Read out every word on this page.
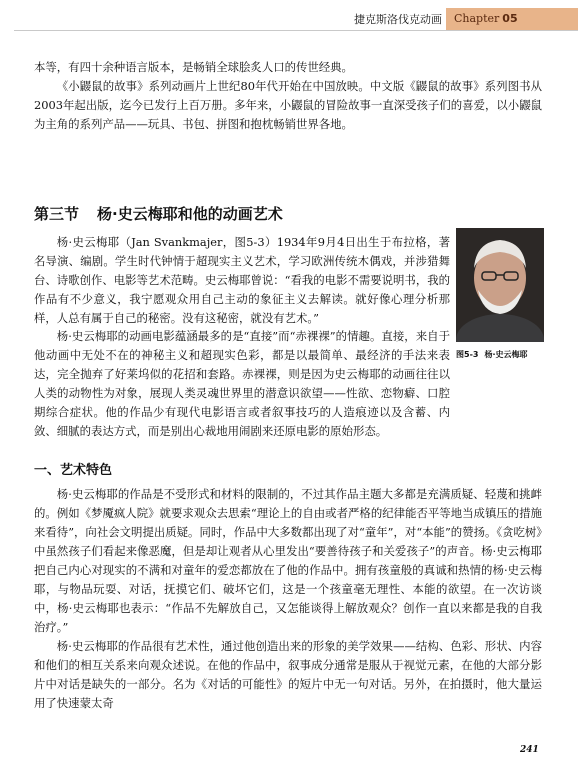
捷克斯洛伐克动画	Chapter 05

本等，有四十余种语言版本，是畅销全球脍炙人口的传世经典。

《小鼹鼠的故事》系列动画片上世纪80年代开始在中国放映。中文版《鼹鼠的故事》系列图书从2003年起出版，迄今已发行上百万册。多年来，小鼹鼠的冒险故事一直深受孩子们的喜爱，以小鼹鼠为主角的系列产品——玩具、书包、拼图和抱枕畅销世界各地。

第三节 杨·史云梅耶和他的动画艺术

杨·史云梅耶（Jan Svankmajer，图5-3）1934年9月4日出生于布拉格，著名导演、编剧。学生时代钟情于超现实主义艺术，学习欧洲传统木偶戏，并涉猎舞台、诗歌创作、电影等艺术范畴。史云梅耶曾说：“看我的电影不需要说明书，我的作品有不少意义，我宁愿观众用自己主动的象征主义去解读。就好像心理分析那样，人总有属于自己的秘密。没有这秘密，就没有艺术。”

杨·史云梅耶的动画电影蕴涵最多的是“直接”而“赤裸裸”的情趣。直接，来自于他动画中无处不在的神秘主义和超现实色彩，都是以最简单、最经济的手法来表达，完全抛弃了好莱坞似的花招和套路。赤裸裸，则是因为史云梅耶的动画往往以人类的动物性为对象，展现人类灵魂世界里的潜意识欲望——性欲、恋物癖、口腔期综合症状。他的作品少有现代电影语言或者叙事技巧的人造痕迹以及含蓄、内敛、细腻的表达方式，而是别出心裁地用闹剧来还原电影的原始形态。

图5-3 杨·史云梅耶
一、艺术特色

杨·史云梅耶的作品是不受形式和材料的限制的，不过其作品主题大多都是充满质疑、轻蔑和挑衅的。例如《梦魇疯人院》就要求观众去思索“理论上的自由或者严格的纪律能否平等地当成镇压的措施来看待”，向社会文明提出质疑。同时，作品中大多数都出现了对“童年”，对“本能”的赞扬。《贪吃树》中虽然孩子们看起来像恶魔，但是却让观者从心里发出“要善待孩子和关爱孩子”的声音。杨·史云梅耶把自己内心对现实的不满和对童年的爱恋都放在了他的作品中。拥有孩童般的真诚和热情的杨·史云梅耶，与物品玩耍、对话，抚摸它们、破坏它们，这是一个孩童毫无理性、本能的欲望。在一次访谈中，杨·史云梅耶也表示：“作品不先解放自己，又怎能谈得上解放观众？创作一直以来都是我的自我治疗。”

杨·史云梅耶的作品很有艺术性，通过他创造出来的形象的美学效果——结构、色彩、形状、内容和他们的相互关系来向观众述说。在他的作品中，叙事成分通常是服从于视觉元素，在他的大部分影片中对话是缺失的一部分。名为《对话的可能性》的短片中无一句对话。另外，在拍摄时，他大量运用了快速蒙太奇

241
